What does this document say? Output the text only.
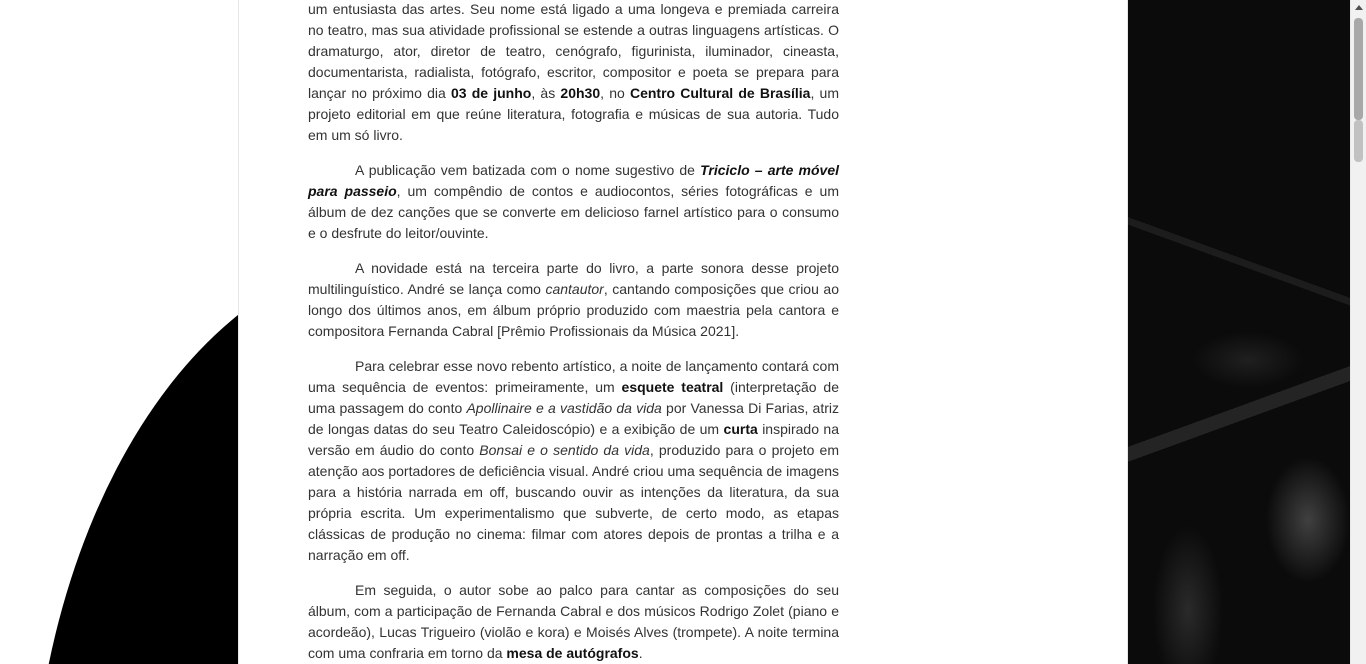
um entusiasta das artes. Seu nome está ligado a uma longeva e premiada carreira no teatro, mas sua atividade profissional se estende a outras linguagens artísticas. O dramaturgo, ator, diretor de teatro, cenógrafo, figurinista, iluminador, cineasta, documentarista, radialista, fotógrafo, escritor, compositor e poeta se prepara para lançar no próximo dia 03 de junho, às 20h30, no Centro Cultural de Brasília, um projeto editorial em que reúne literatura, fotografia e músicas de sua autoria. Tudo em um só livro.

A publicação vem batizada com o nome sugestivo de Triciclo – arte móvel para passeio, um compêndio de contos e audiocontos, séries fotográficas e um álbum de dez canções que se converte em delicioso farnel artístico para o consumo e o desfrute do leitor/ouvinte.

A novidade está na terceira parte do livro, a parte sonora desse projeto multilinguístico. André se lança como cantautor, cantando composições que criou ao longo dos últimos anos, em álbum próprio produzido com maestria pela cantora e compositora Fernanda Cabral [Prêmio Profissionais da Música 2021].

Para celebrar esse novo rebento artístico, a noite de lançamento contará com uma sequência de eventos: primeiramente, um esquete teatral (interpretação de uma passagem do conto Apollinaire e a vastidão da vida por Vanessa Di Farias, atriz de longas datas do seu Teatro Caleidoscópio) e a exibição de um curta inspirado na versão em áudio do conto Bonsai e o sentido da vida, produzido para o projeto em atenção aos portadores de deficiência visual. André criou uma sequência de imagens para a história narrada em off, buscando ouvir as intenções da literatura, da sua própria escrita. Um experimentalismo que subverte, de certo modo, as etapas clássicas de produção no cinema: filmar com atores depois de prontas a trilha e a narração em off.

Em seguida, o autor sobe ao palco para cantar as composições do seu álbum, com a participação de Fernanda Cabral e dos músicos Rodrigo Zolet (piano e acordeão), Lucas Trigueiro (violão e kora) e Moisés Alves (trompete). A noite termina com uma confraria em torno da mesa de autógrafos.
